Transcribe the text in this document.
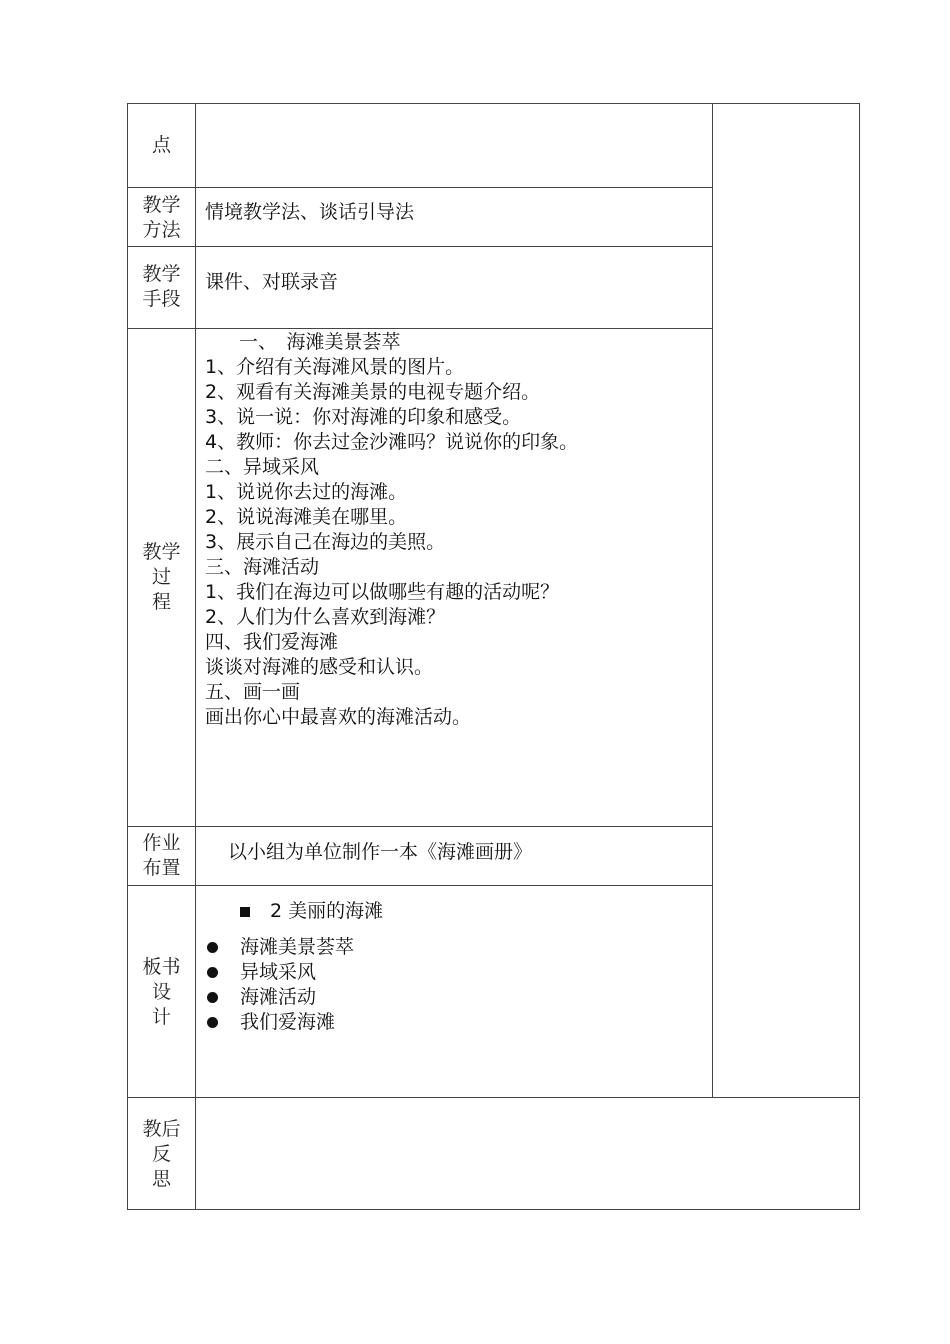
点
教学
方法
情境教学法、谈话引导法
教学
手段
课件、对联录音
教学
过
程
一、　海滩美景荟萃
1、介绍有关海滩风景的图片。
2、观看有关海滩美景的电视专题介绍。
3、说一说：你对海滩的印象和感受。
4、教师：你去过金沙滩吗？说说你的印象。
二、异域采风
1、说说你去过的海滩。
2、说说海滩美在哪里。
3、展示自己在海边的美照。
三、海滩活动
1、我们在海边可以做哪些有趣的活动呢？
2、人们为什么喜欢到海滩？
四、我们爱海滩
谈谈对海滩的感受和认识。
五、画一画
画出你心中最喜欢的海滩活动。
作业
布置
以小组为单位制作一本《海滩画册》
板书
设
计
2 美丽的海滩
海滩美景荟萃
异域采风
海滩活动
我们爱海滩
教后
反
思
